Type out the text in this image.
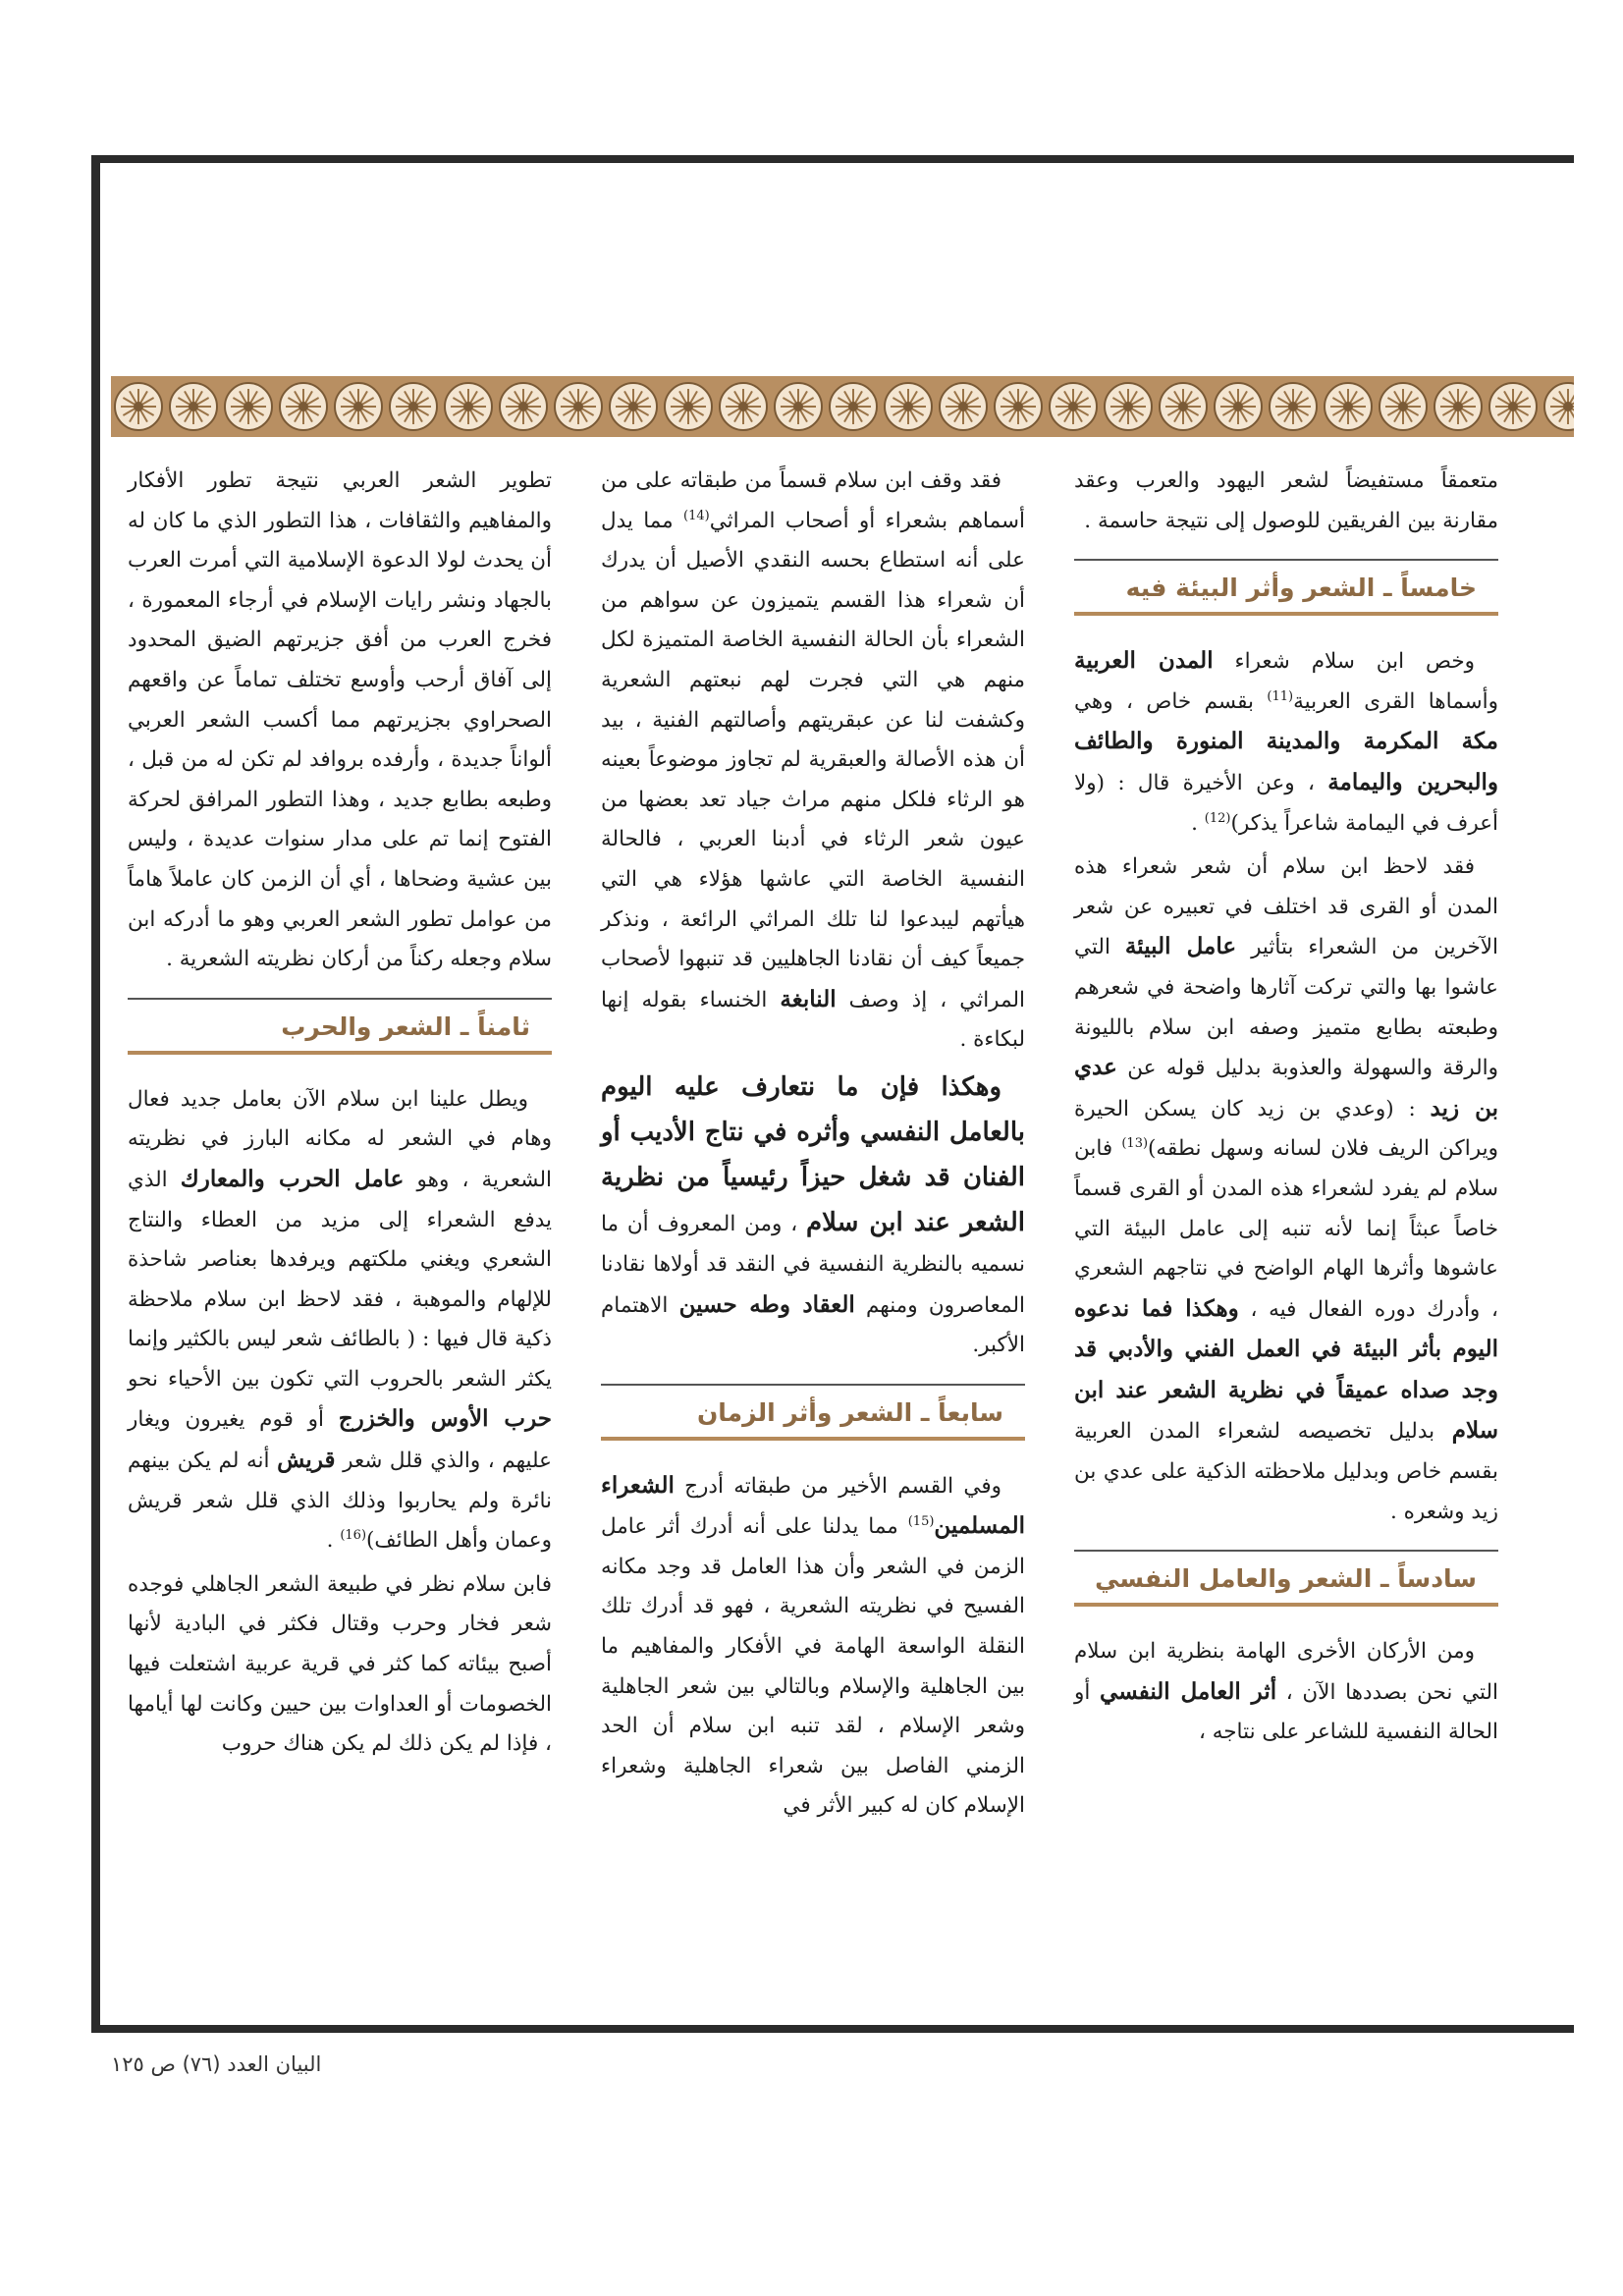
متعمقاً مستفيضاً لشعر اليهود والعرب وعقد مقارنة بين الفريقين للوصول إلى نتيجة حاسمة .

خامساً ـ الشعر وأثر البيئة فيه

وخص ابن سلام شعراء المدن العربية وأسماها القرى العربية$^{(11)}$ بقسم خاص ، وهي مكة المكرمة والمدينة المنورة والطائف والبحرين واليمامة ، وعن الأخيرة قال : (ولا أعرف في اليمامة شاعراً يذكر)$^{(12)}$ .

فقد لاحظ ابن سلام أن شعر شعراء هذه المدن أو القرى قد اختلف في تعبيره عن شعر الآخرين من الشعراء بتأثير عامل البيئة التي عاشوا بها والتي تركت آثارها واضحة في شعرهم وطبعته بطابع متميز وصفه ابن سلام بالليونة والرقة والسهولة والعذوبة بدليل قوله عن عدي بن زيد : (وعدي بن زيد كان يسكن الحيرة ويراكن الريف فلان لسانه وسهل نطقه)$^{(13)}$ فابن سلام لم يفرد لشعراء هذه المدن أو القرى قسماً خاصاً عبثاً إنما لأنه تنبه إلى عامل البيئة التي عاشوها وأثرها الهام الواضح في نتاجهم الشعري ، وأدرك دوره الفعال فيه ، وهكذا فما ندعوه اليوم بأثر البيئة في العمل الفني والأدبي قد وجد صداه عميقاً في نظرية الشعر عند ابن سلام بدليل تخصيصه لشعراء المدن العربية بقسم خاص وبدليل ملاحظته الذكية على عدي بن زيد وشعره .

سادساً ـ الشعر والعامل النفسي

ومن الأركان الأخرى الهامة بنظرية ابن سلام التي نحن بصددها الآن ، أثر العامل النفسي أو الحالة النفسية للشاعر على نتاجه ،

فقد وقف ابن سلام قسماً من طبقاته على من أسماهم بشعراء أو أصحاب المراثي$^{(14)}$ مما يدل على أنه استطاع بحسه النقدي الأصيل أن يدرك أن شعراء هذا القسم يتميزون عن سواهم من الشعراء بأن الحالة النفسية الخاصة المتميزة لكل منهم هي التي فجرت لهم نبعتهم الشعرية وكشفت لنا عن عبقريتهم وأصالتهم الفنية ، بيد أن هذه الأصالة والعبقرية لم تجاوز موضوعاً بعينه هو الرثاء فلكل منهم مراث جياد تعد بعضها من عيون شعر الرثاء في أدبنا العربي ، فالحالة النفسية الخاصة التي عاشها هؤلاء هي التي هيأتهم ليبدعوا لنا تلك المراثي الرائعة ، ونذكر جميعاً كيف أن نقادنا الجاهليين قد تنبهوا لأصحاب المراثي ، إذ وصف النابغة الخنساء بقوله إنها لبكاءة .

وهكذا فإن ما نتعارف عليه اليوم بالعامل النفسي وأثره في نتاج الأديب أو الفنان قد شغل حيزاً رئيسياً من نظرية الشعر عند ابن سلام ، ومن المعروف أن ما نسميه بالنظرية النفسية في النقد قد أولاها نقادنا المعاصرون ومنهم العقاد وطه حسين الاهتمام الأكبر.

سابعاً ـ الشعر وأثر الزمان

وفي القسم الأخير من طبقاته أدرج الشعراء المسلمين$^{(15)}$ مما يدلنا على أنه أدرك أثر عامل الزمن في الشعر وأن هذا العامل قد وجد مكانه الفسيح في نظريته الشعرية ، فهو قد أدرك تلك النقلة الواسعة الهامة في الأفكار والمفاهيم ما بين الجاهلية والإسلام وبالتالي بين شعر الجاهلية وشعر الإسلام ، لقد تنبه ابن سلام أن الحد الزمني الفاصل بين شعراء الجاهلية وشعراء الإسلام كان له كبير الأثر في

تطوير الشعر العربي نتيجة تطور الأفكار والمفاهيم والثقافات ، هذا التطور الذي ما كان له أن يحدث لولا الدعوة الإسلامية التي أمرت العرب بالجهاد ونشر رايات الإسلام في أرجاء المعمورة ، فخرج العرب من أفق جزيرتهم الضيق المحدود إلى آفاق أرحب وأوسع تختلف تماماً عن واقعهم الصحراوي بجزيرتهم مما أكسب الشعر العربي ألواناً جديدة ، وأرفده بروافد لم تكن له من قبل ، وطبعه بطابع جديد ، وهذا التطور المرافق لحركة الفتوح إنما تم على مدار سنوات عديدة ، وليس بين عشية وضحاها ، أي أن الزمن كان عاملاً هاماً من عوامل تطور الشعر العربي وهو ما أدركه ابن سلام وجعله ركناً من أركان نظريته الشعرية .

ثامناً ـ الشعر والحرب

ويطل علينا ابن سلام الآن بعامل جديد فعال وهام في الشعر له مكانه البارز في نظريته الشعرية ، وهو عامل الحرب والمعارك الذي يدفع الشعراء إلى مزيد من العطاء والنتاج الشعري ويغني ملكتهم ويرفدها بعناصر شاحذة للإلهام والموهبة ، فقد لاحظ ابن سلام ملاحظة ذكية قال فيها : ( بالطائف شعر ليس بالكثير وإنما يكثر الشعر بالحروب التي تكون بين الأحياء نحو حرب الأوس والخزرج أو قوم يغيرون ويغار عليهم ، والذي قلل شعر قريش أنه لم يكن بينهم نائرة ولم يحاربوا وذلك الذي قلل شعر قريش وعمان وأهل الطائف)$^{(16)}$ .

فابن سلام نظر في طبيعة الشعر الجاهلي فوجده شعر فخار وحرب وقتال فكثر في البادية لأنها أصبح بيئاته كما كثر في قرية عربية اشتعلت فيها الخصومات أو العداوات بين حيين وكانت لها أيامها ، فإذا لم يكن ذلك لم يكن هناك حروب

البيان العدد (٧٦) ص ١٢٥
